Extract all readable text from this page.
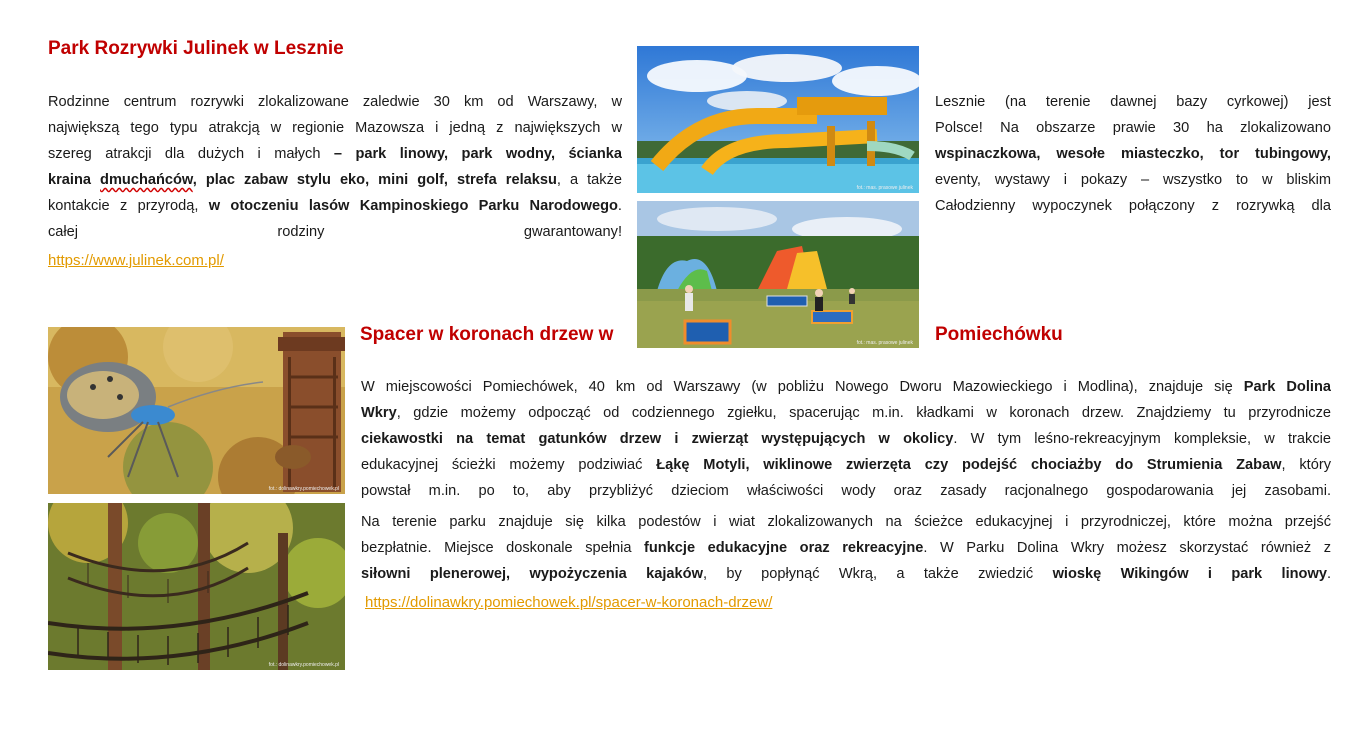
Park Rozrywki Julinek w Lesznie
Rodzinne centrum rozrywki zlokalizowane zaledwie 30 km od Warszawy, w
największą tego typu atrakcją w regionie Mazowsza i jedną z największych w
szereg atrakcji dla dużych i małych – park linowy, park wodny, ścianka
kraina dmuchańców, plac zabaw stylu eko, mini golf, strefa relaksu, a także
kontakcie z przyrodą, w otoczeniu lasów Kampinoskiego Parku Narodowego.
całej rodziny gwarantowany!
https://www.julinek.com.pl/
Lesznie (na terenie dawnej bazy cyrkowej) jest
Polsce! Na obszarze prawie 30 ha zlokalizowano
wspinaczkowa, wesołe miasteczko, tor tubingowy,
eventy, wystawy i pokazy – wszystko to w bliskim
Całodzienny wypoczynek połączony z rozrywką dla
fot.: mas. prasowe julinek
fot.: mas. prasowe julinek
Spacer w koronach drzew w	Pomiechówku
W miejscowości Pomiechówek, 40 km od Warszawy (w pobliżu Nowego Dworu Mazowieckiego i Modlina), znajduje się Park Dolina
Wkry, gdzie możemy odpocząć od codziennego zgiełku, spacerując m.in. kładkami w koronach drzew. Znajdziemy tu przyrodnicze
ciekawostki na temat gatunków drzew i zwierząt występujących w okolicy. W tym leśno-rekreacyjnym kompleksie, w trakcie
edukacyjnej ścieżki możemy podziwiać Łąkę Motyli, wiklinowe zwierzęta czy podejść chociażby do Strumienia Zabaw, który
powstał m.in. po to, aby przybliżyć dzieciom właściwości wody oraz zasady racjonalnego gospodarowania jej zasobami.
Na terenie parku znajduje się kilka podestów i wiat zlokalizowanych na ścieżce edukacyjnej i przyrodniczej, które można przejść
bezpłatnie. Miejsce doskonale spełnia funkcje edukacyjne oraz rekreacyjne. W Parku Dolina Wkry możesz skorzystać również z
siłowni plenerowej, wypożyczenia kajaków, by popłynąć Wkrą, a także zwiedzić wioskę Wikingów i park linowy.
https://dolinawkry.pomiechowek.pl/spacer-w-koronach-drzew/
fot.: dolinawkry.pomiechowek.pl
fot.: dolinawkry.pomiechowek.pl
